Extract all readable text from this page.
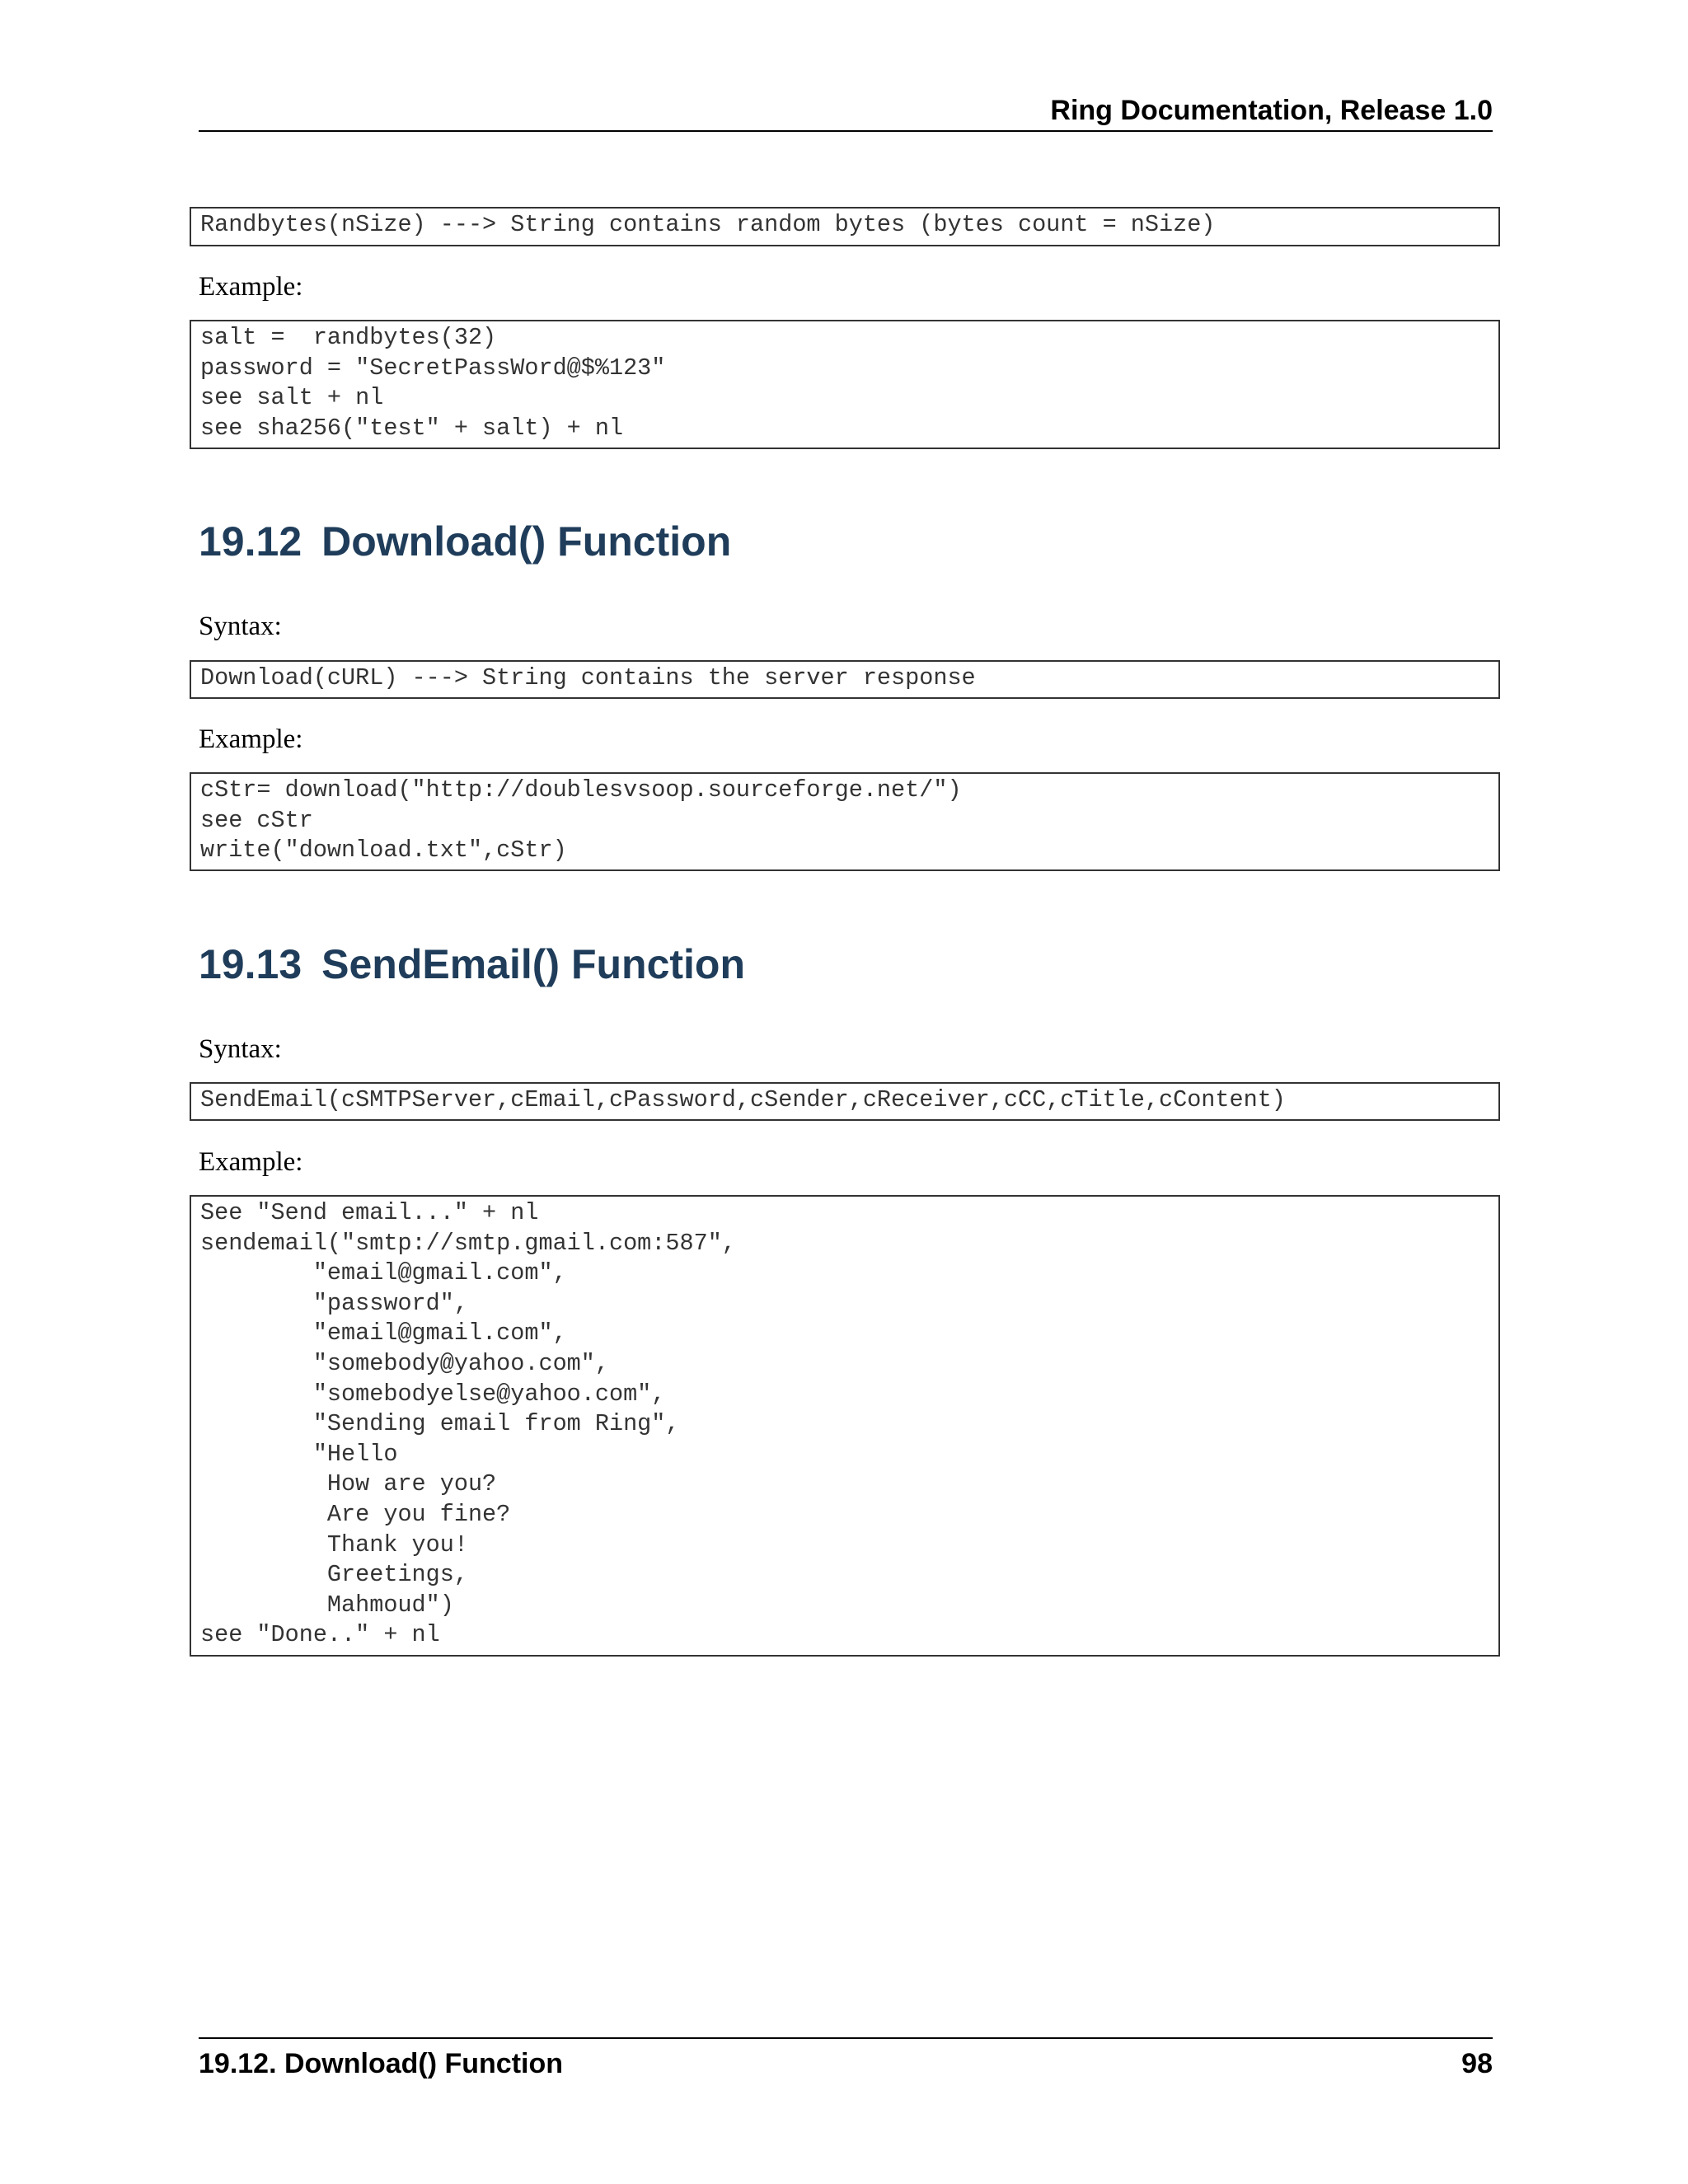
Ring Documentation, Release 1.0
Randbytes(nSize) ---> String contains random bytes (bytes count = nSize)
Example:
salt =  randbytes(32)
password = "SecretPassWord@$%123"
see salt + nl
see sha256("test" + salt) + nl
19.12 Download() Function
Syntax:
Download(cURL) ---> String contains the server response
Example:
cStr= download("http://doublesvsoop.sourceforge.net/")
see cStr
write("download.txt",cStr)
19.13 SendEmail() Function
Syntax:
SendEmail(cSMTPServer,cEmail,cPassword,cSender,cReceiver,cCC,cTitle,cContent)
Example:
See "Send email..." + nl
sendemail("smtp://smtp.gmail.com:587",
"email@gmail.com",
"password",
"email@gmail.com",
"somebody@yahoo.com",
"somebodyelse@yahoo.com",
"Sending email from Ring",
"Hello
How are you?
Are you fine?
Thank you!
Greetings,
Mahmoud")
see "Done.." + nl
19.12. Download() Function	98
